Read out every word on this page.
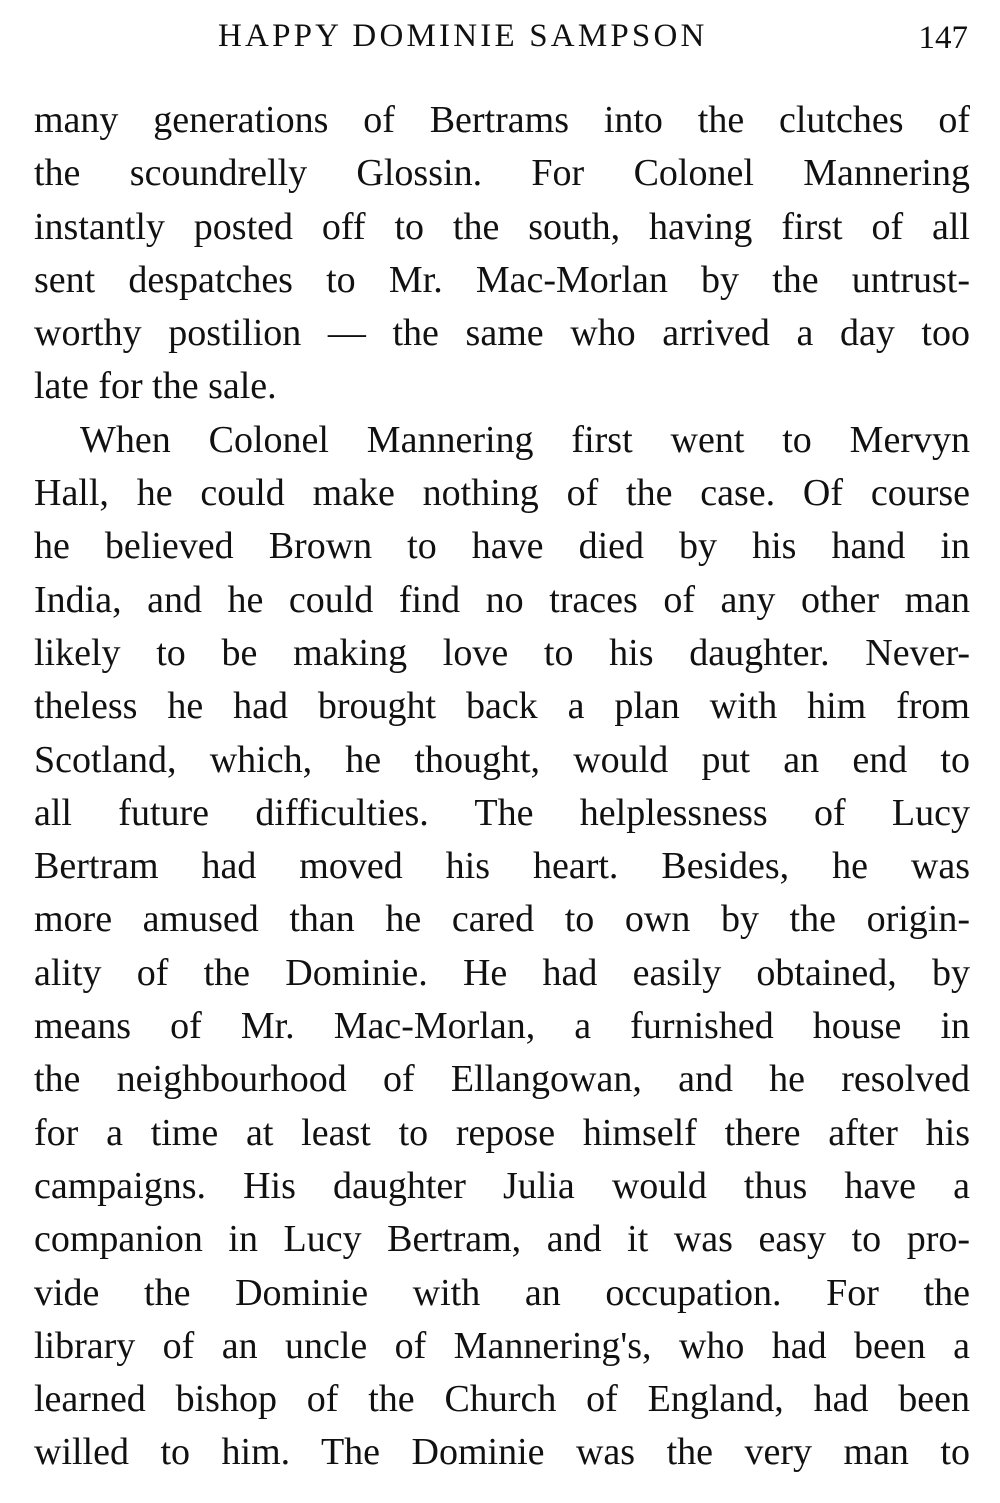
HAPPY DOMINIE SAMPSON	147
many generations of Bertrams into the clutches of
the scoundrelly Glossin. For Colonel Mannering
instantly posted off to the south, having first of all
sent despatches to Mr. Mac-Morlan by the untrust-
worthy postilion — the same who arrived a day too
late for the sale.
When Colonel Mannering first went to Mervyn
Hall, he could make nothing of the case. Of course
he believed Brown to have died by his hand in
India, and he could find no traces of any other man
likely to be making love to his daughter. Never-
theless he had brought back a plan with him from
Scotland, which, he thought, would put an end to
all future difficulties. The helplessness of Lucy
Bertram had moved his heart. Besides, he was
more amused than he cared to own by the origin-
ality of the Dominie. He had easily obtained, by
means of Mr. Mac-Morlan, a furnished house in
the neighbourhood of Ellangowan, and he resolved
for a time at least to repose himself there after his
campaigns. His daughter Julia would thus have a
companion in Lucy Bertram, and it was easy to pro-
vide the Dominie with an occupation. For the
library of an uncle of Mannering's, who had been a
learned bishop of the Church of England, had been
willed to him. The Dominie was the very man to
